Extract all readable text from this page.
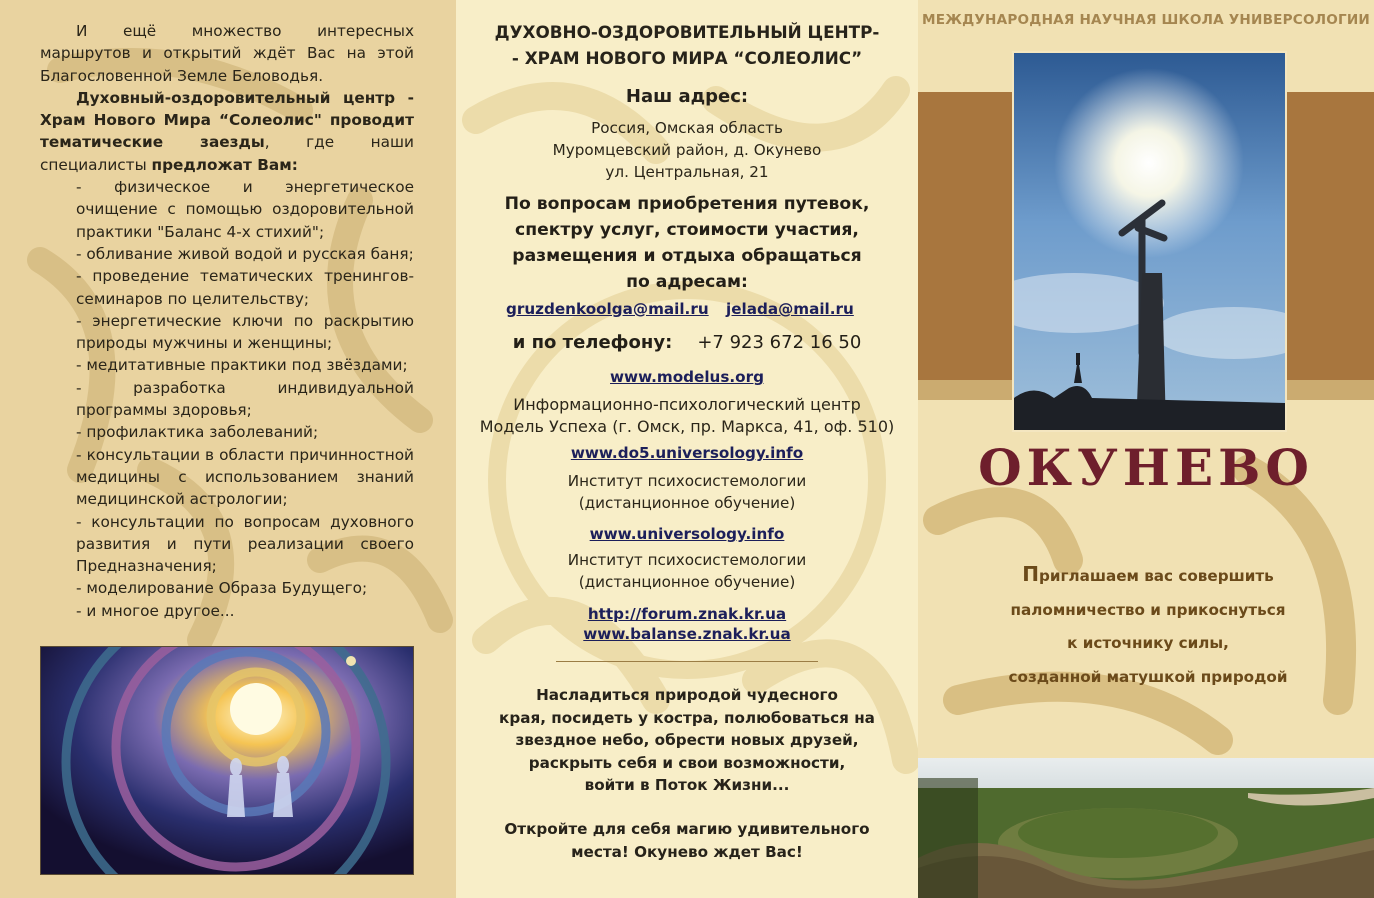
И ещё множество интересных маршрутов и открытий ждёт Вас на этой Благословенной Земле Беловодья.

Духовный-оздоровительный центр - Храм Нового Мира “Солеолис" проводит тематические заезды, где наши специалисты предложат Вам:

- физическое и энергетическое очищение с помощью оздоровительной практики "Баланс 4-х стихий";

- обливание живой водой и русская баня;

- проведение тематических тренингов-семинаров по целительству;

- энергетические ключи по раскрытию природы мужчины и женщины;

- медитативные практики под звёздами;

- разработка индивидуальной программы здоровья;

- профилактика заболеваний;

- консультации в области причинностной медицины с использованием знаний медицинской астрологии;

- консультации по вопросам духовного развития и пути реализации своего Предназначения;

- моделирование Образа Будущего;

- и многое другое...

ДУХОВНО-ОЗДОРОВИТЕЛЬНЫЙ ЦЕНТР-
- ХРАМ НОВОГО МИРА “СОЛЕОЛИС”
Наш адрес:
Россия, Омская область
Муромцевский район, д. Окунево
ул. Центральная, 21
По вопросам приобретения путевок,
спектру услуг, стоимости участия,
размещения и отдыха обращаться
по адресам:
gruzdenkoolga@mail.ru jelada@mail.ru
и по телефону: +7 923 672 16 50
www.modelus.org
Информационно-психологический центр
Модель Успеха (г. Омск, пр. Маркса, 41, оф. 510)
www.do5.universology.info
Институт психосистемологии
(дистанционное обучение)
www.universology.info
Институт психосистемологии
(дистанционное обучение)
http://forum.znak.kr.ua
www.balanse.znak.kr.ua
Насладиться природой чудесного
края, посидеть у костра, полюбоваться на
звездное небо, обрести новых друзей,
раскрыть себя и свои возможности,
войти в Поток Жизни...
Откройте для себя магию удивительного
места! Окунево ждет Вас!
МЕЖДУНАРОДНАЯ НАУЧНАЯ ШКОЛА УНИВЕРСОЛОГИИ
ОКУНЕВО
Приглашаем вас совершить
паломничество и прикоснуться
к источнику силы,
созданной матушкой природой
